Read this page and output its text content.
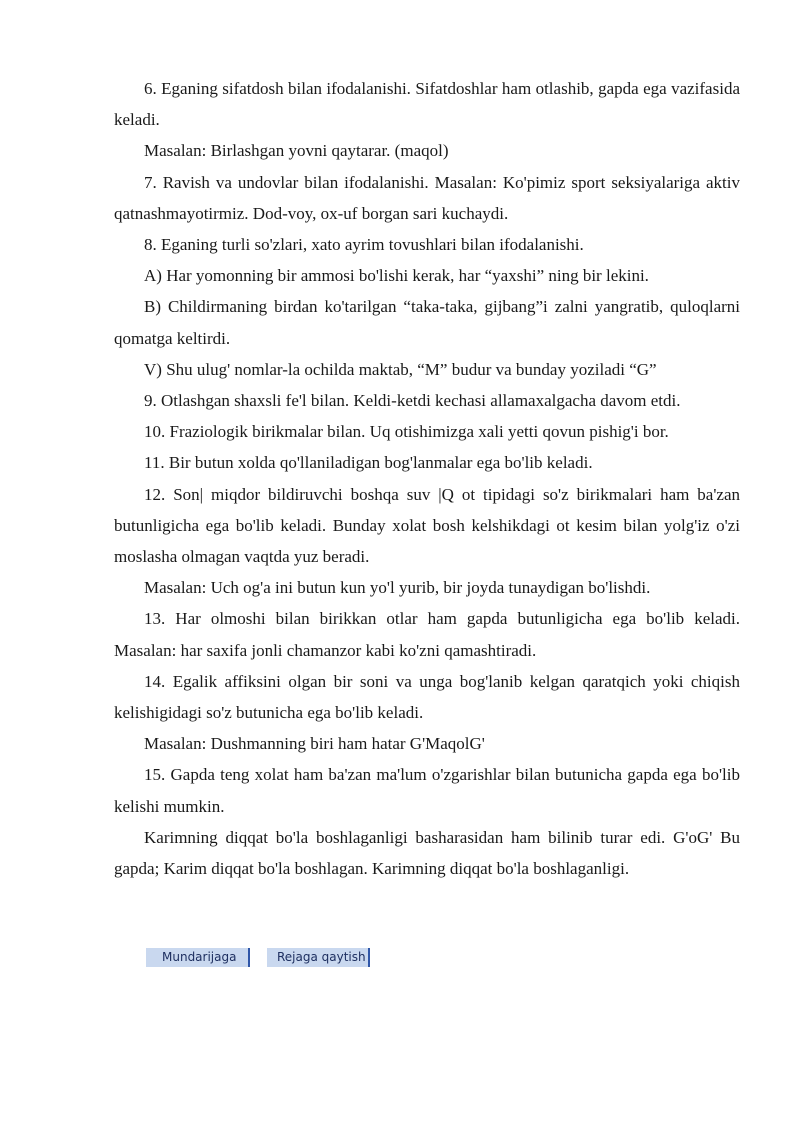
6. Eganing sifatdosh bilan ifodalanishi. Sifatdoshlar ham otlashib, gapda ega vazifasida keladi.

Masalan: Birlashgan yovni qaytarar. (maqol)

7. Ravish va undovlar bilan ifodalanishi. Masalan: Ko'pimiz sport seksiyalariga aktiv qatnashmayotirmiz. Dod-voy, ox-uf borgan sari kuchaydi.

8. Eganing turli so'zlari, xato ayrim tovushlari bilan ifodalanishi.

A) Har yomonning bir ammosi bo'lishi kerak, har “yaxshi” ning bir lekini.

B) Childirmaning birdan ko'tarilgan “taka-taka, gijbang”i zalni yangratib, quloqlarni qomatga keltirdi.

V) Shu ulug' nomlar-la ochilda maktab, “M” budur va bunday yoziladi “G”

9. Otlashgan shaxsli fe'l bilan. Keldi-ketdi kechasi allamaxalgacha davom etdi.

10. Fraziologik birikmalar bilan. Uq otishimizga xali yetti qovun pishig'i bor.

11. Bir butun xolda qo'llaniladigan bog'lanmalar ega bo'lib keladi.

12. Son| miqdor bildiruvchi boshqa suv |Q ot tipidagi so'z birikmalari ham ba'zan butunligicha ega bo'lib keladi. Bunday xolat bosh kelshikdagi ot kesim bilan yolg'iz o'zi moslasha olmagan vaqtda yuz beradi.

Masalan: Uch og'a ini butun kun yo'l yurib, bir joyda tunaydigan bo'lishdi.

13. Har olmoshi bilan birikkan otlar ham gapda butunligicha ega bo'lib keladi. Masalan: har saxifa jonli chamanzor kabi ko'zni qamashtiradi.

14. Egalik affiksini olgan bir soni va unga bog'lanib kelgan qaratqich yoki chiqish kelishigidagi so'z butunicha ega bo'lib keladi.

Masalan: Dushmanning biri ham hatar G'MaqolG'

15. Gapda teng xolat ham ba'zan ma'lum o'zgarishlar bilan butunicha gapda ega bo'lib kelishi mumkin.

Karimning diqqat bo'la boshlaganligi basharasidan ham bilinib turar edi. G'oG' Bu gapda; Karim diqqat bo'la boshlagan. Karimning diqqat bo'la boshlaganligi.

Mundarijaga	Rejaga qaytish
